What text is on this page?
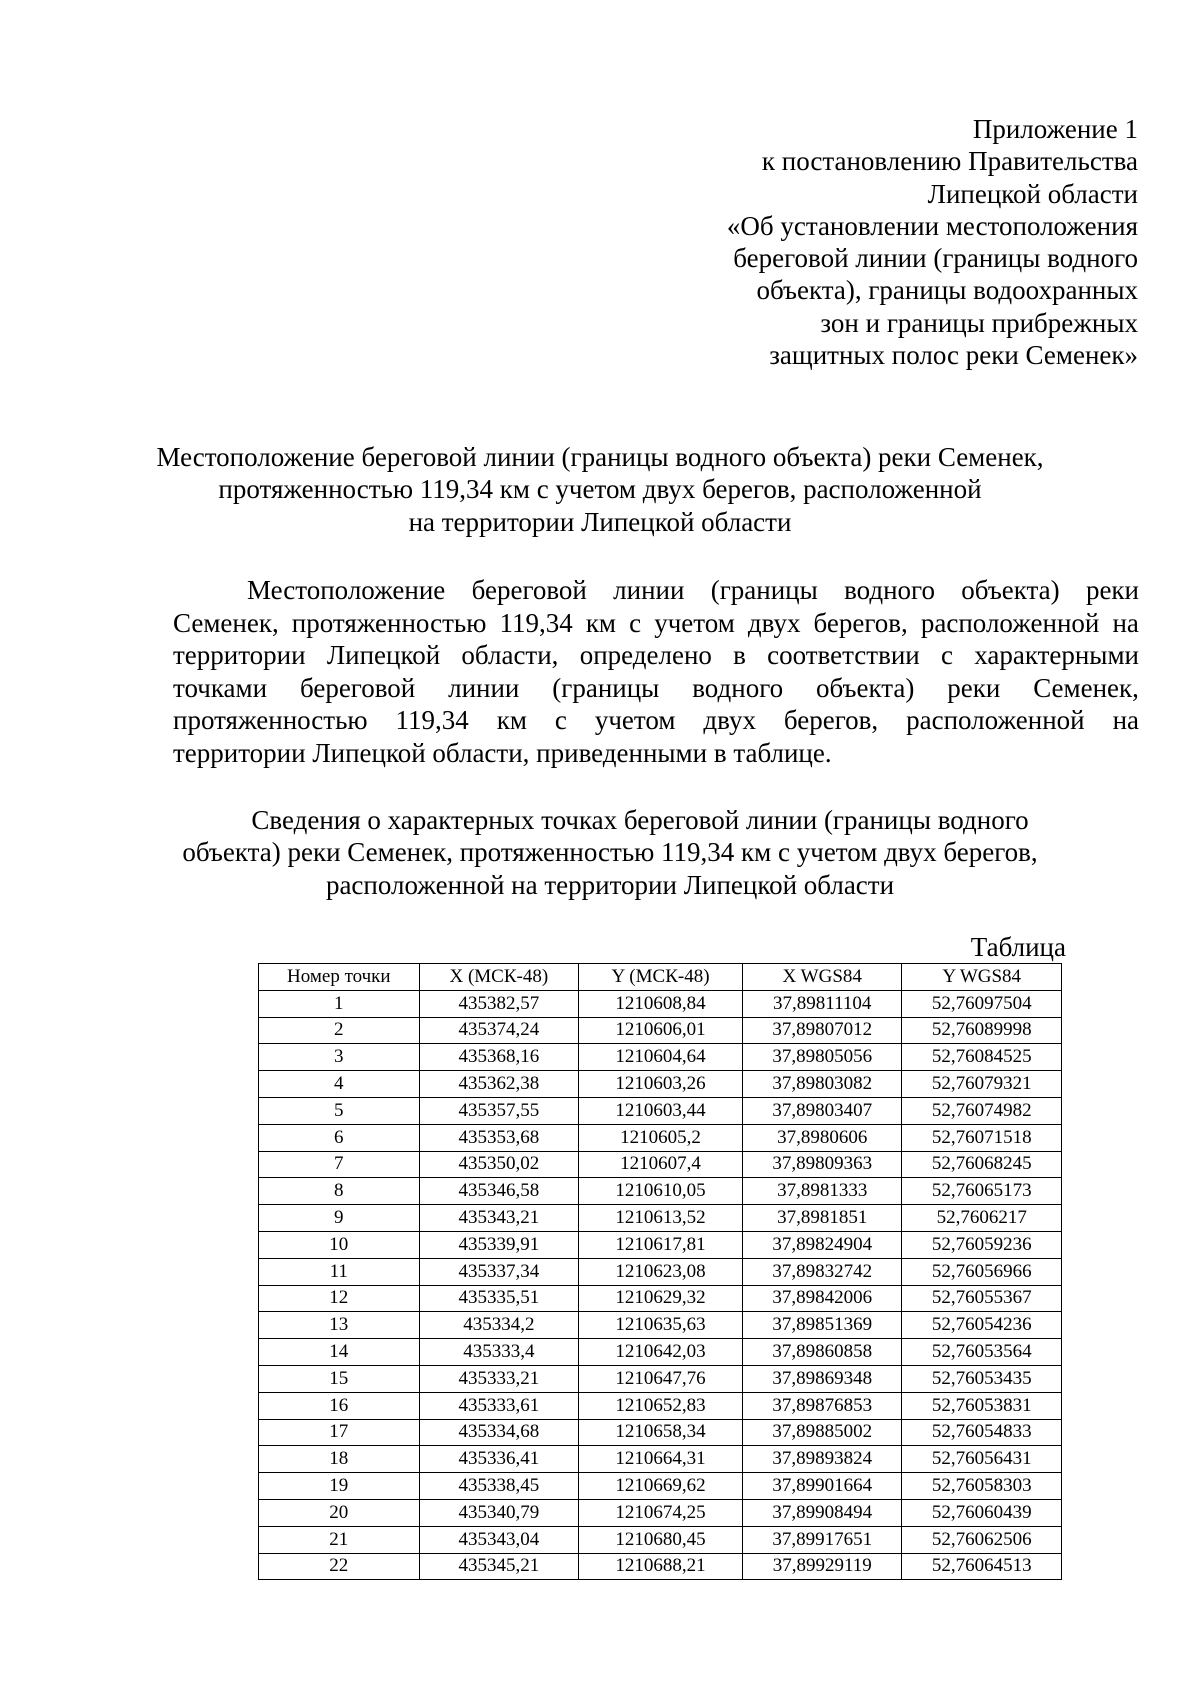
Приложение 1
к постановлению Правительства
Липецкой области
«Об установлении местоположения
береговой линии (границы водного
объекта), границы водоохранных
зон и границы прибрежных
защитных полос реки Семенек»
Местоположение береговой линии (границы водного объекта) реки Семенек,
протяженностью 119,34 км с учетом двух берегов, расположенной
на территории Липецкой области
Местоположение береговой линии (границы водного объекта) реки
Семенек, протяженностью 119,34 км с учетом двух берегов, расположенной на
территории Липецкой области, определено в соответствии с характерными
точками береговой линии (границы водного объекта) реки Семенек,
протяженностью 119,34 км с учетом двух берегов, расположенной на
территории Липецкой области, приведенными в таблице.
Сведения о характерных точках береговой линии (границы водного
объекта) реки Семенек, протяженностью 119,34 км с учетом двух берегов,
расположенной на территории Липецкой области
Таблица
Номер точки	X (МСК-48)	Y (МСК-48)	X WGS84	Y WGS84
1	435382,57	1210608,84	37,89811104	52,76097504
2	435374,24	1210606,01	37,89807012	52,76089998
3	435368,16	1210604,64	37,89805056	52,76084525
4	435362,38	1210603,26	37,89803082	52,76079321
5	435357,55	1210603,44	37,89803407	52,76074982
6	435353,68	1210605,2	37,8980606	52,76071518
7	435350,02	1210607,4	37,89809363	52,76068245
8	435346,58	1210610,05	37,8981333	52,76065173
9	435343,21	1210613,52	37,8981851	52,7606217
10	435339,91	1210617,81	37,89824904	52,76059236
11	435337,34	1210623,08	37,89832742	52,76056966
12	435335,51	1210629,32	37,89842006	52,76055367
13	435334,2	1210635,63	37,89851369	52,76054236
14	435333,4	1210642,03	37,89860858	52,76053564
15	435333,21	1210647,76	37,89869348	52,76053435
16	435333,61	1210652,83	37,89876853	52,76053831
17	435334,68	1210658,34	37,89885002	52,76054833
18	435336,41	1210664,31	37,89893824	52,76056431
19	435338,45	1210669,62	37,89901664	52,76058303
20	435340,79	1210674,25	37,89908494	52,76060439
21	435343,04	1210680,45	37,89917651	52,76062506
22	435345,21	1210688,21	37,89929119	52,76064513
